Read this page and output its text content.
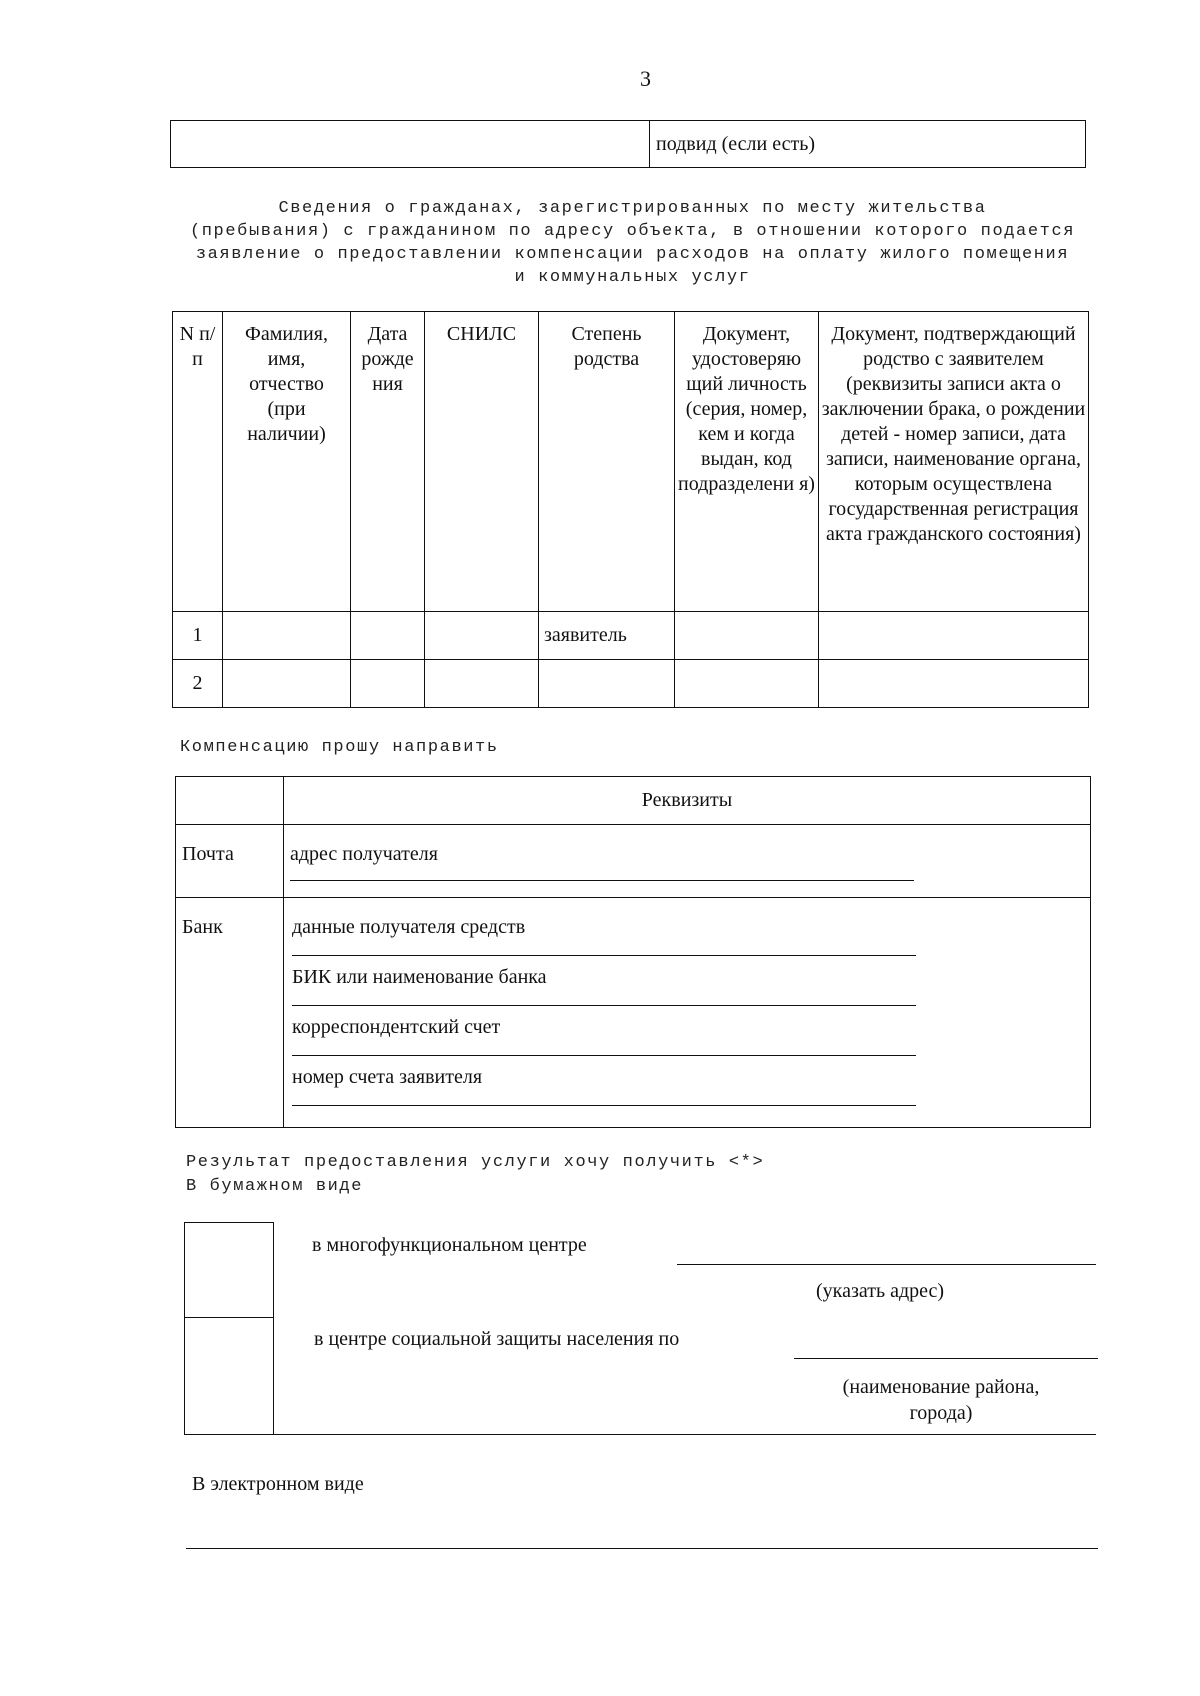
3
	подвид (если есть)
Сведения о гражданах, зарегистрированных по месту жительства
(пребывания) с гражданином по адресу объекта, в отношении которого подается
заявление о предоставлении компенсации расходов на оплату жилого помещения
и коммунальных услуг
N п/п	Фамилия, имя, отчество (при наличии)	Дата рожде ния	СНИЛС	Степень родства	Документ, удостоверяю щий личность (серия, номер, кем и когда выдан, код подразделени я)	Документ, подтверждающий родство с заявителем (реквизиты записи акта о заключении брака, о рождении детей - номер записи, дата записи, наименование органа, которым осуществлена государственная регистрация акта гражданского состояния)
1				заявитель		
2						
Компенсацию прошу направить
	Реквизиты
Почта	адрес получателя

Банк	данные получателя средств
БИК или наименование банка
корреспондентский счет
номер счета заявителя
Результат предоставления услуги хочу получить <*>
В бумажном виде
в многофункциональном центре
(указать адрес)
в центре социальной защиты населения по
(наименование района,
города)
В электронном виде
